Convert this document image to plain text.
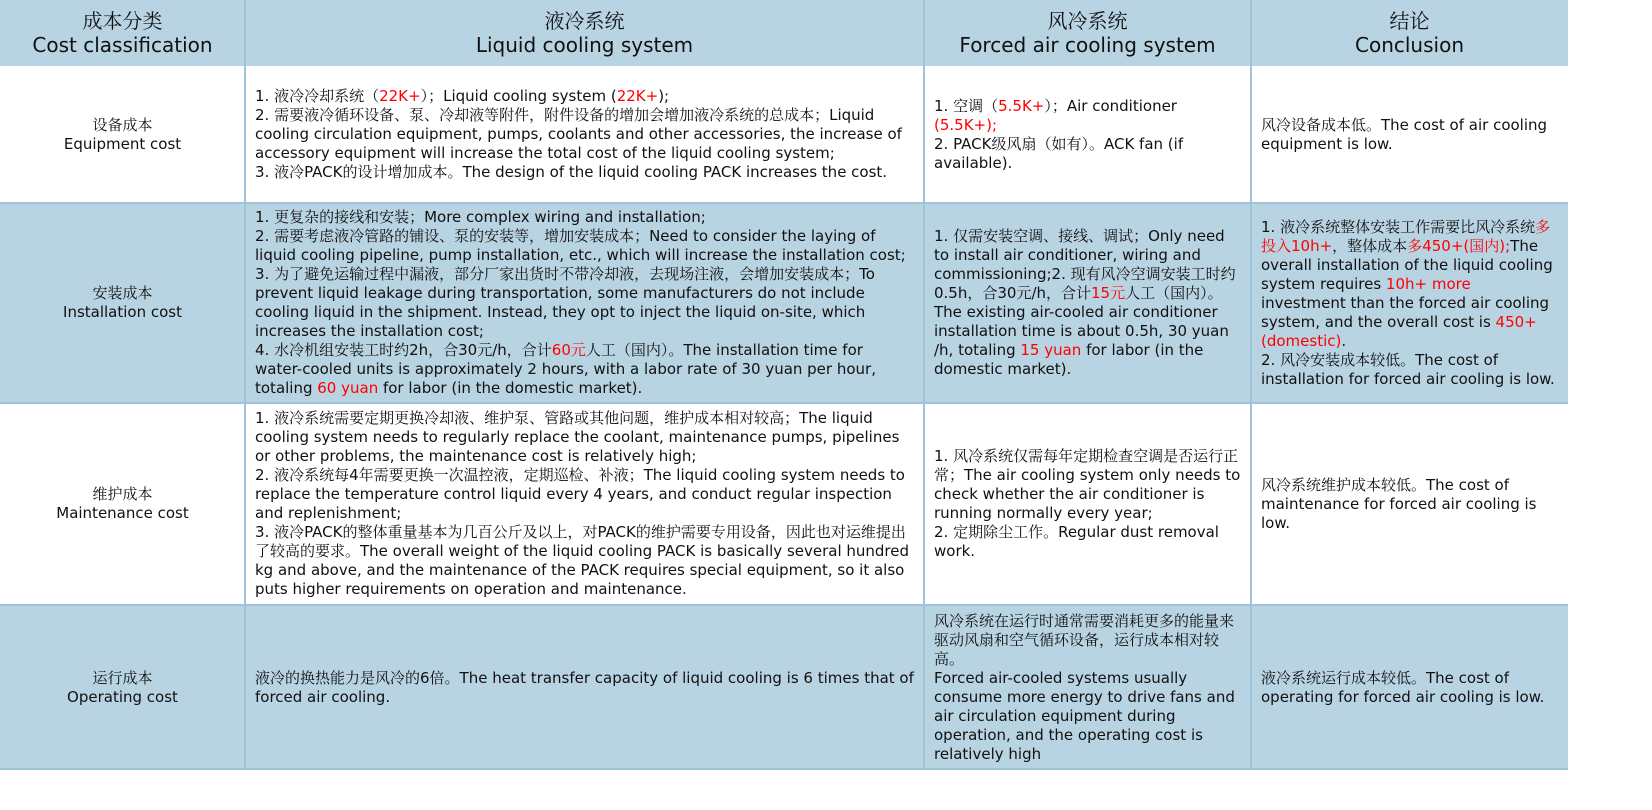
成本分类
Cost classification
液冷系统
Liquid cooling system
风冷系统
Forced air cooling system
结论
Conclusion
设备成本
Equipment cost

1. 液冷冷却系统（22K+）；Liquid cooling system (22K+);

2. 需要液冷循环设备、泵、冷却液等附件，附件设备的增加会增加液冷系统的总成本；Liquid cooling circulation equipment, pumps, coolants and other accessories, the increase of accessory equipment will increase the total cost of the liquid cooling system;

3. 液冷PACK的设计增加成本。The design of the liquid cooling PACK increases the cost.

1. 空调（5.5K+）；Air conditioner (5.5K+);

2. PACK级风扇（如有）。ACK fan (if available).

风冷设备成本低。The cost of air cooling equipment is low.

安装成本
Installation cost

1. 更复杂的接线和安装；More complex wiring and installation;

2. 需要考虑液冷管路的铺设、泵的安装等，增加安装成本；Need to consider the laying of liquid cooling pipeline, pump installation, etc., which will increase the installation cost;

3. 为了避免运输过程中漏液，部分厂家出货时不带冷却液，去现场注液，会增加安装成本；To prevent liquid leakage during transportation, some manufacturers do not include cooling liquid in the shipment. Instead, they opt to inject the liquid on-site, which increases the installation cost;

4. 水冷机组安装工时约2h，合30元/h，合计60元人工（国内）。The installation time for water-cooled units is approximately 2 hours, with a labor rate of 30 yuan per hour, totaling 60 yuan for labor (in the domestic market).

1. 仅需安装空调、接线、调试；Only need to install air conditioner, wiring and commissioning;2. 现有风冷空调安装工时约0.5h，合30元/h，合计15元人工（国内）。The existing air-cooled air conditioner installation time is about 0.5h, 30 yuan /h, totaling 15 yuan for labor (in the domestic market).

1. 液冷系统整体安装工作需要比风冷系统多投入10h+，整体成本多450+(国内);The overall installation of the liquid cooling system requires 10h+ more investment than the forced air cooling system, and the overall cost is 450+(domestic).

2. 风冷安装成本较低。The cost of installation for forced air cooling is low.

维护成本
Maintenance cost

1. 液冷系统需要定期更换冷却液、维护泵、管路或其他问题，维护成本相对较高；The liquid cooling system needs to regularly replace the coolant, maintenance pumps, pipelines or other problems, the maintenance cost is relatively high;

2. 液冷系统每4年需要更换一次温控液，定期巡检、补液；The liquid cooling system needs to replace the temperature control liquid every 4 years, and conduct regular inspection and replenishment;

3. 液冷PACK的整体重量基本为几百公斤及以上，对PACK的维护需要专用设备，因此也对运维提出了较高的要求。The overall weight of the liquid cooling PACK is basically several hundred kg and above, and the maintenance of the PACK requires special equipment, so it also puts higher requirements on operation and maintenance.

1. 风冷系统仅需每年定期检查空调是否运行正常；The air cooling system only needs to check whether the air conditioner is running normally every year;

2. 定期除尘工作。Regular dust removal work.

风冷系统维护成本较低。The cost of maintenance for forced air cooling is low.

运行成本
Operating cost

液冷的换热能力是风冷的6倍。The heat transfer capacity of liquid cooling is 6 times that of forced air cooling.

风冷系统在运行时通常需要消耗更多的能量来驱动风扇和空气循环设备，运行成本相对较高。

Forced air-cooled systems usually consume more energy to drive fans and air circulation equipment during operation, and the operating cost is relatively high

液冷系统运行成本较低。The cost of operating for forced air cooling is low.
